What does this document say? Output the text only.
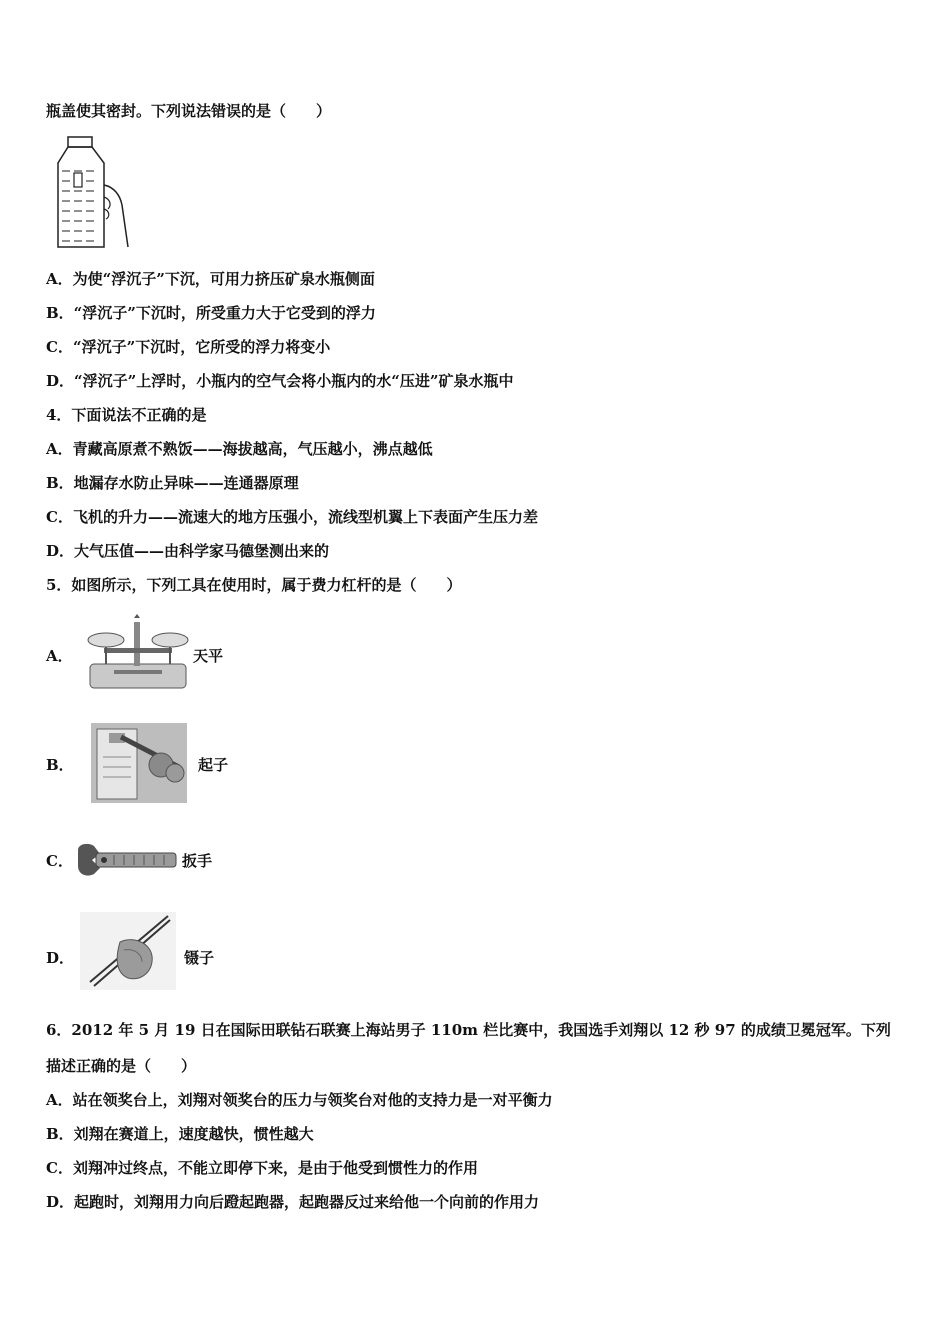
瓶盖使其密封。下列说法错误的是（　　）
A．为使“浮沉子”下沉，可用力挤压矿泉水瓶侧面
B．“浮沉子”下沉时，所受重力大于它受到的浮力
C．“浮沉子”下沉时，它所受的浮力将变小
D．“浮沉子”上浮时，小瓶内的空气会将小瓶内的水“压进”矿泉水瓶中
4．下面说法不正确的是
A．青藏高原煮不熟饭——海拔越高，气压越小，沸点越低
B．地漏存水防止异味——连通器原理
C．飞机的升力——流速大的地方压强小，流线型机翼上下表面产生压力差
D．大气压值——由科学家马德堡测出来的
5．如图所示，下列工具在使用时，属于费力杠杆的是（　　）
A．	天平
B．	起子
C．	扳手
D．	镊子
6．2012 年 5 月 19 日在国际田联钻石联赛上海站男子 110m 栏比赛中，我国选手刘翔以 12 秒 97 的成绩卫冕冠军。下列
描述正确的是（　　）
A．站在领奖台上，刘翔对领奖台的压力与领奖台对他的支持力是一对平衡力
B．刘翔在赛道上，速度越快，惯性越大
C．刘翔冲过终点，不能立即停下来，是由于他受到惯性力的作用
D．起跑时，刘翔用力向后蹬起跑器，起跑器反过来给他一个向前的作用力
